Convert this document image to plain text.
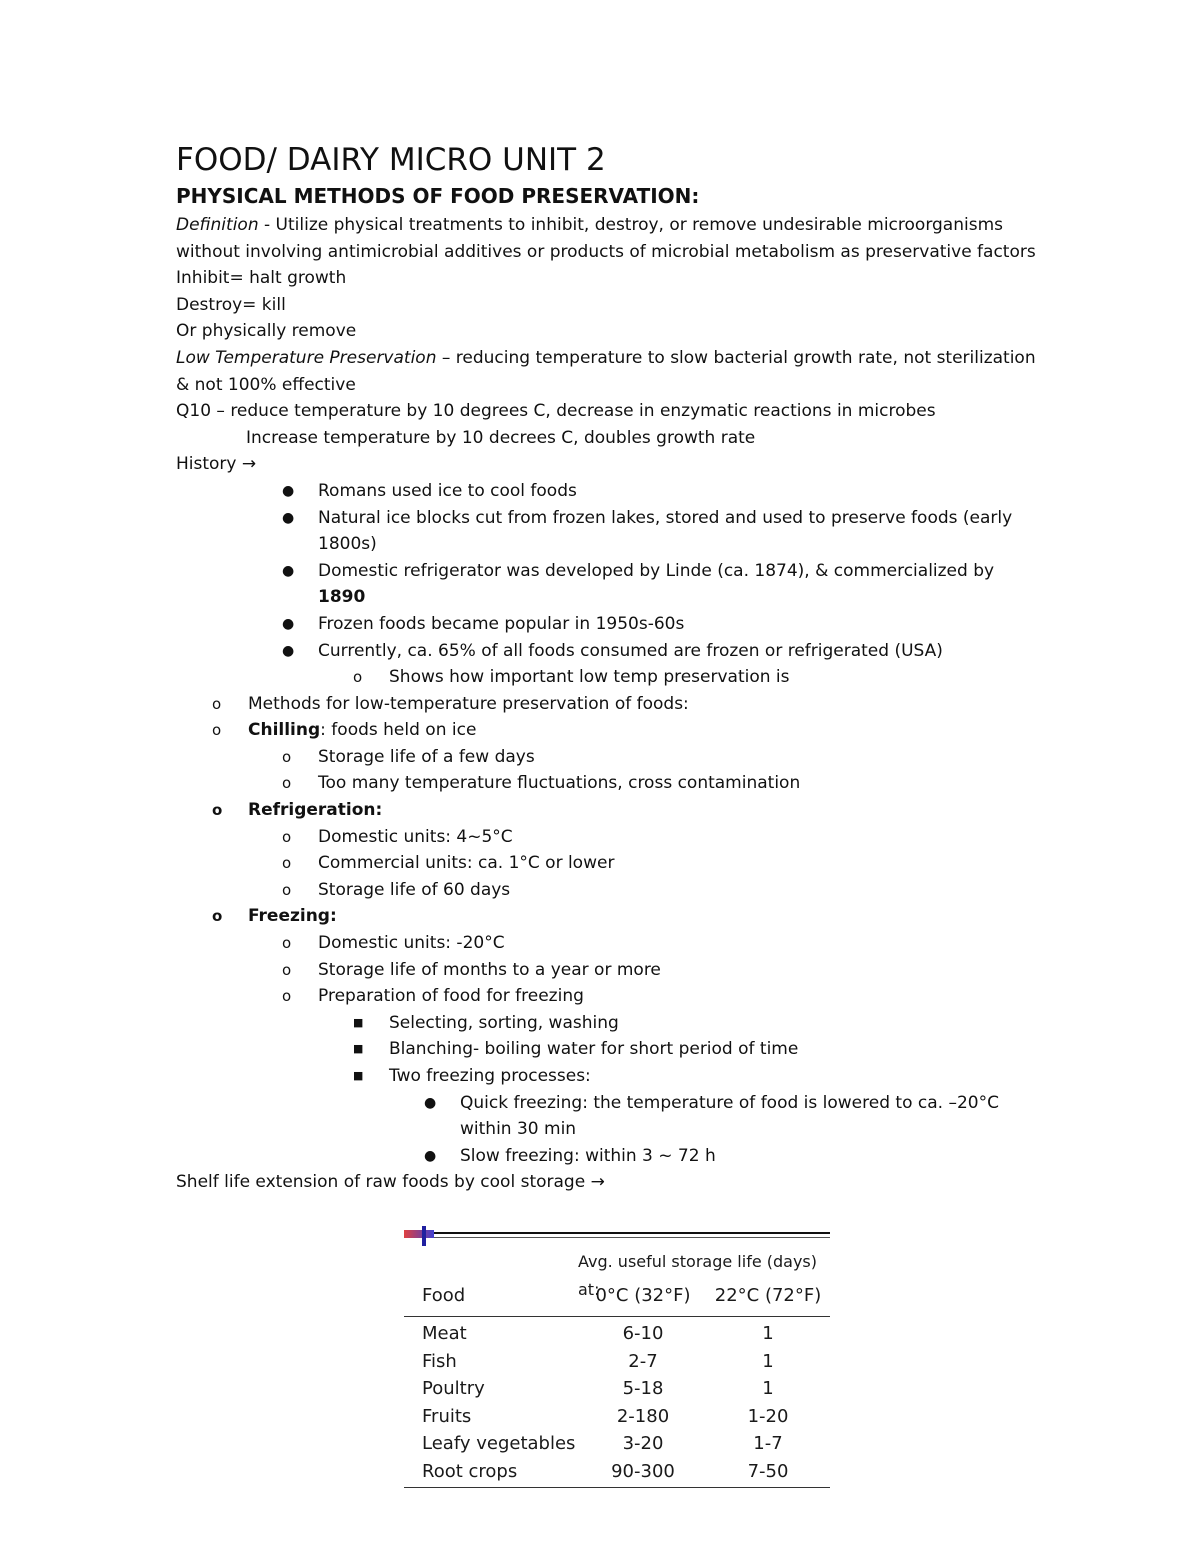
FOOD/ DAIRY MICRO UNIT 2
PHYSICAL METHODS OF FOOD PRESERVATION:

Definition - Utilize physical treatments to inhibit, destroy, or remove undesirable microorganisms without involving antimicrobial additives or products of microbial metabolism as preservative factors

Inhibit= halt growth

Destroy= kill

Or physically remove

Low Temperature Preservation – reducing temperature to slow bacterial growth rate, not sterilization & not 100% effective

Q10 – reduce temperature by 10 degrees C, decrease in enzymatic reactions in microbes

Increase temperature by 10 decrees C, doubles growth rate

History →

●	Romans used ice to cool foods
●	Natural ice blocks cut from frozen lakes, stored and used to preserve foods (early 1800s)
●	Domestic refrigerator was developed by Linde (ca. 1874), & commercialized by 1890
●	Frozen foods became popular in 1950s-60s
●	Currently, ca. 65% of all foods consumed are frozen or refrigerated (USA)
o	Shows how important low temp preservation is
o	Methods for low-temperature preservation of foods:
o	Chilling: foods held on ice
o	Storage life of a few days
o	Too many temperature fluctuations, cross contamination
o	Refrigeration:
o	Domestic units: 4~5°C
o	Commercial units: ca. 1°C or lower
o	Storage life of 60 days
o	Freezing:
o	Domestic units: -20°C
o	Storage life of months to a year or more
o	Preparation of food for freezing
■	Selecting, sorting, washing
■	Blanching- boiling water for short period of time
■	Two freezing processes:
●	Quick freezing: the temperature of food is lowered to ca. –20°C within 30 min
●	Slow freezing: within 3 ~ 72 h

Shelf life extension of raw foods by cool storage →

Avg. useful storage life (days) at:
Food	0°C (32°F)	22°C (72°F)
Meat	6-10	1
Fish	2-7	1
Poultry	5-18	1
Fruits	2-180	1-20
Leafy vegetables	3-20	1-7
Root crops	90-300	7-50
